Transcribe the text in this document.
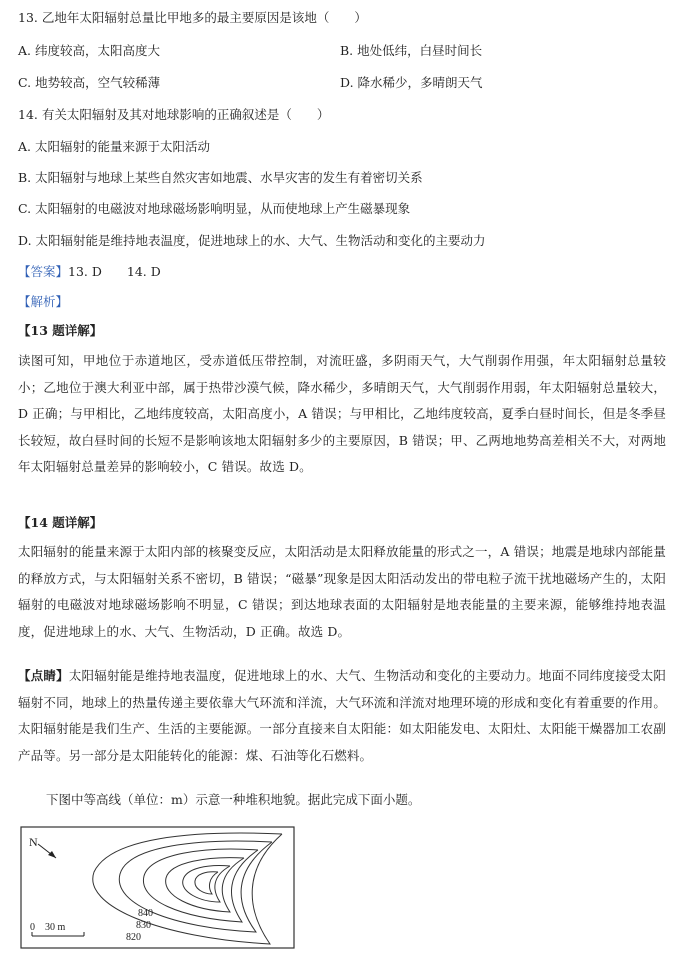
13. 乙地年太阳辐射总量比甲地多的最主要原因是该地（　　）
A. 纬度较高，太阳高度大	B. 地处低纬，白昼时间长
C. 地势较高，空气较稀薄	D. 降水稀少，多晴朗天气
14. 有关太阳辐射及其对地球影响的正确叙述是（　　）
A. 太阳辐射的能量来源于太阳活动
B. 太阳辐射与地球上某些自然灾害如地震、水旱灾害的发生有着密切关系
C. 太阳辐射的电磁波对地球磁场影响明显，从而使地球上产生磁暴现象
D. 太阳辐射能是维持地表温度，促进地球上的水、大气、生物活动和变化的主要动力
【答案】13. D　　14. D
【解析】
【13 题详解】
读图可知，甲地位于赤道地区，受赤道低压带控制，对流旺盛，多阴雨天气，大气削弱作用强，年太阳辐射总量较小；乙地位于澳大利亚中部，属于热带沙漠气候，降水稀少，多晴朗天气，大气削弱作用弱，年太阳辐射总量较大，D 正确；与甲相比，乙地纬度较高，太阳高度小，A 错误；与甲相比，乙地纬度较高，夏季白昼时间长，但是冬季昼长较短，故白昼时间的长短不是影响该地太阳辐射多少的主要原因，B 错误；甲、乙两地地势高差相关不大，对两地年太阳辐射总量差异的影响较小，C 错误。故选 D。
【14 题详解】
太阳辐射的能量来源于太阳内部的核聚变反应，太阳活动是太阳释放能量的形式之一，A 错误；地震是地球内部能量的释放方式，与太阳辐射关系不密切，B 错误；“磁暴”现象是因太阳活动发出的带电粒子流干扰地磁场产生的，太阳辐射的电磁波对地球磁场影响不明显，C 错误；到达地球表面的太阳辐射是地表能量的主要来源，能够维持地表温度，促进地球上的水、大气、生物活动，D 正确。故选 D。
【点睛】太阳辐射能是维持地表温度，促进地球上的水、大气、生物活动和变化的主要动力。地面不同纬度接受太阳辐射不同，地球上的热量传递主要依靠大气环流和洋流，大气环流和洋流对地理环境的形成和变化有着重要的作用。 太阳辐射能是我们生产、生活的主要能源。一部分直接来自太阳能：如太阳能发电、太阳灶、太阳能干燥器加工农副产品等。另一部分是太阳能转化的能源：煤、石油等化石燃料。
下图中等高线（单位：m）示意一种堆积地貌。据此完成下面小题。
N
840
830
820
0　30 m
